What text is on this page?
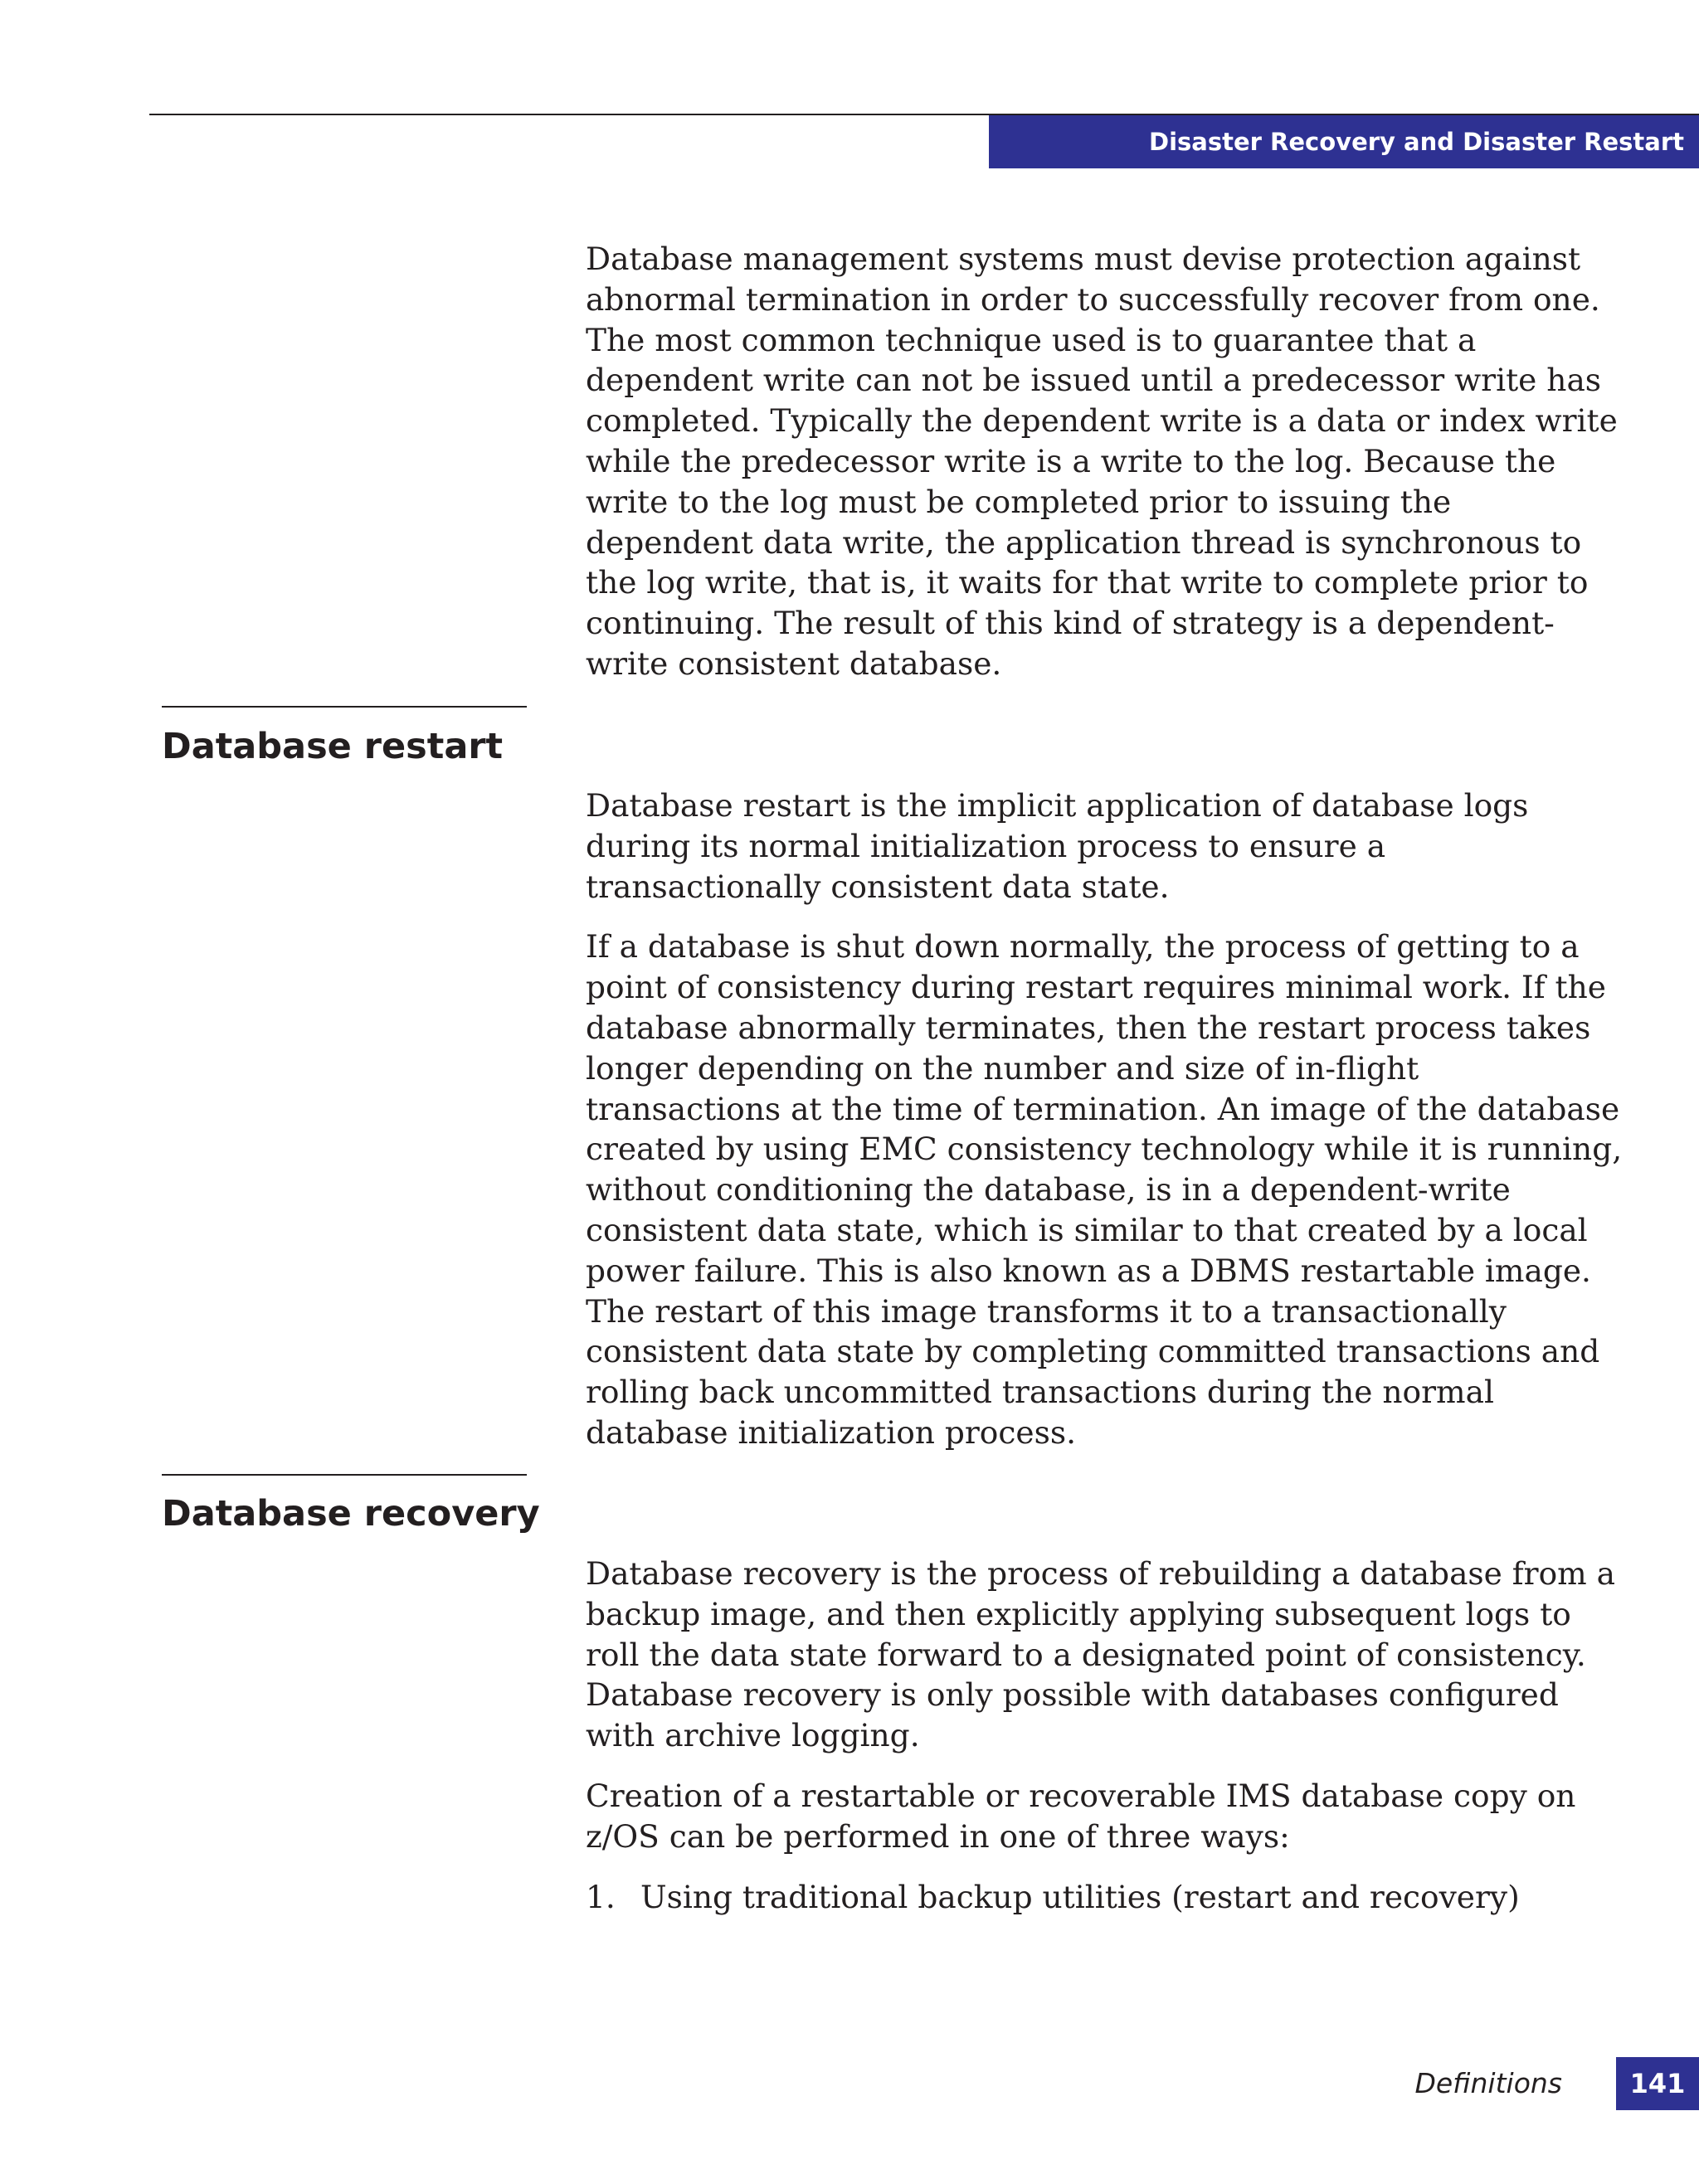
Disaster Recovery and Disaster Restart

Database management systems must devise protection against abnormal termination in order to successfully recover from one. The most common technique used is to guarantee that a dependent write can not be issued until a predecessor write has completed. Typically the dependent write is a data or index write while the predecessor write is a write to the log. Because the write to the log must be completed prior to issuing the dependent data write, the application thread is synchronous to the log write, that is, it waits for that write to complete prior to continuing. The result of this kind of strategy is a dependent-write consistent database.

Database restart

Database restart is the implicit application of database logs during its normal initialization process to ensure a transactionally consistent data state.

If a database is shut down normally, the process of getting to a point of consistency during restart requires minimal work. If the database abnormally terminates, then the restart process takes longer depending on the number and size of in-flight transactions at the time of termination. An image of the database created by using EMC consistency technology while it is running, without conditioning the database, is in a dependent-write consistent data state, which is similar to that created by a local power failure. This is also known as a DBMS restartable image. The restart of this image transforms it to a transactionally consistent data state by completing committed transactions and rolling back uncommitted transactions during the normal database initialization process.

Database recovery

Database recovery is the process of rebuilding a database from a backup image, and then explicitly applying subsequent logs to roll the data state forward to a designated point of consistency. Database recovery is only possible with databases configured with archive logging.

Creation of a restartable or recoverable IMS database copy on z/OS can be performed in one of three ways:

1. Using traditional backup utilities (restart and recovery)
Definitions	141
